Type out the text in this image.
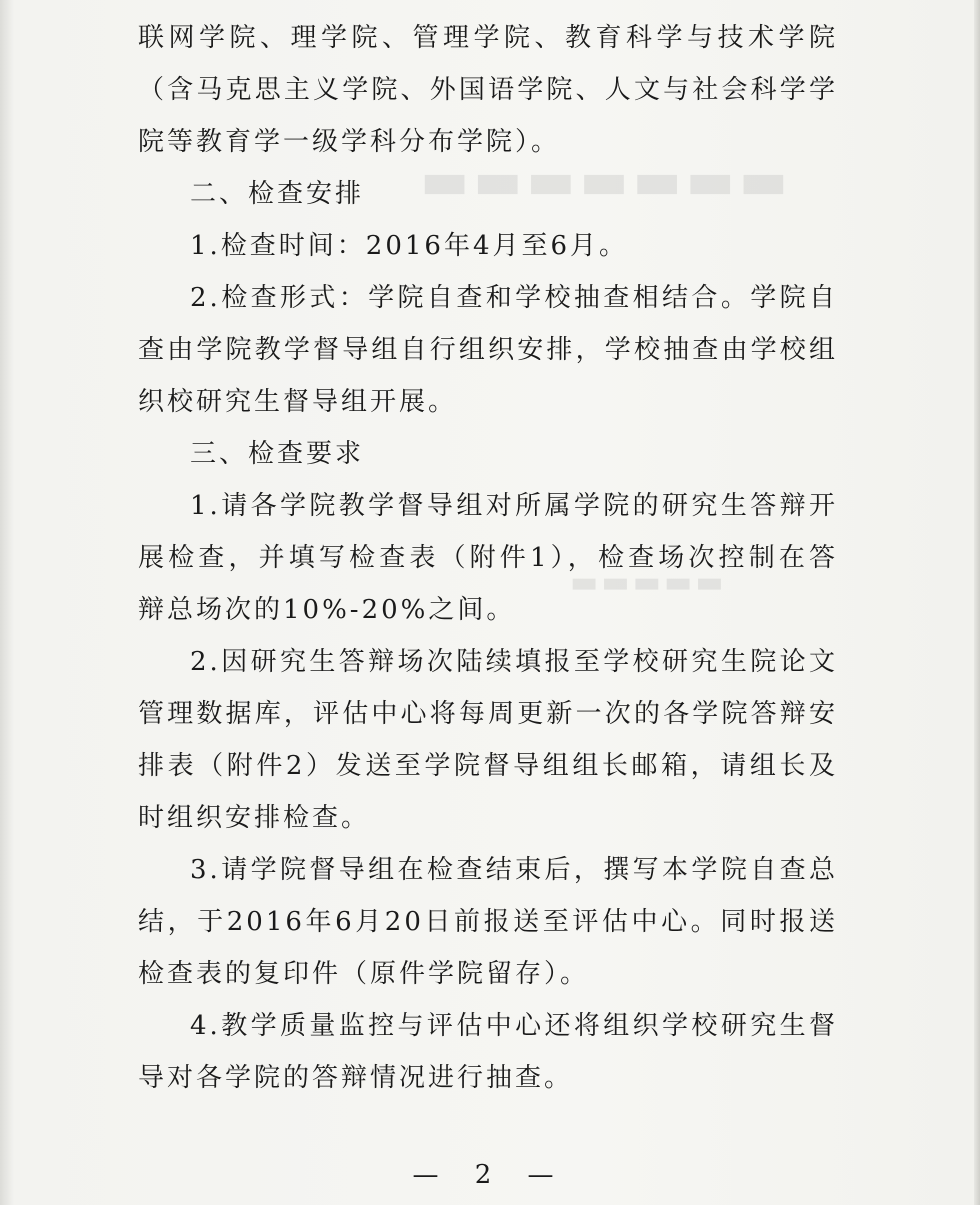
▬▬▬▬▬▬▬
▬▬▬▬▬

联网学院、理学院、管理学院、教育科学与技术学院（含马克思主义学院、外国语学院、人文与社会科学学院等教育学一级学科分布学院）。

二、检查安排

1.检查时间：2016年4月至6月。

2.检查形式：学院自查和学校抽查相结合。学院自查由学院教学督导组自行组织安排，学校抽查由学校组织校研究生督导组开展。

三、检查要求

1.请各学院教学督导组对所属学院的研究生答辩开展检查，并填写检查表（附件1），检查场次控制在答辩总场次的10%-20%之间。

2.因研究生答辩场次陆续填报至学校研究生院论文管理数据库，评估中心将每周更新一次的各学院答辩安排表（附件2）发送至学院督导组组长邮箱，请组长及时组织安排检查。

3.请学院督导组在检查结束后，撰写本学院自查总结，于2016年6月20日前报送至评估中心。同时报送检查表的复印件（原件学院留存）。

4.教学质量监控与评估中心还将组织学校研究生督导对各学院的答辩情况进行抽查。

— 2 —
